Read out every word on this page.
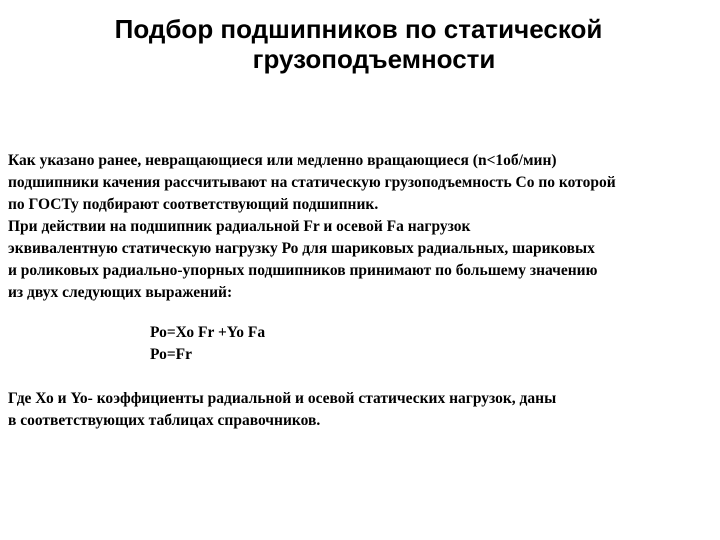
Подбор подшипников по статической
грузоподъемности
Как указано ранее, невращающиеся или медленно вращающиеся (n<1об/мин)
подшипники качения рассчитывают на статическую грузоподъемность Со по которой
по ГОСТу подбирают соответствующий подшипник.
При действии на подшипник радиальной Fr и осевой Fa нагрузок
эквивалентную статическую нагрузку Ро для шариковых радиальных, шариковых
и роликовых радиально-упорных подшипников принимают по большему значению
из двух следующих выражений:
Ро=Хо Fr +Yo Fa
Ро=Fr
Где Хо и Yo- коэффициенты радиальной и осевой статических нагрузок, даны
в соответствующих таблицах справочников.
